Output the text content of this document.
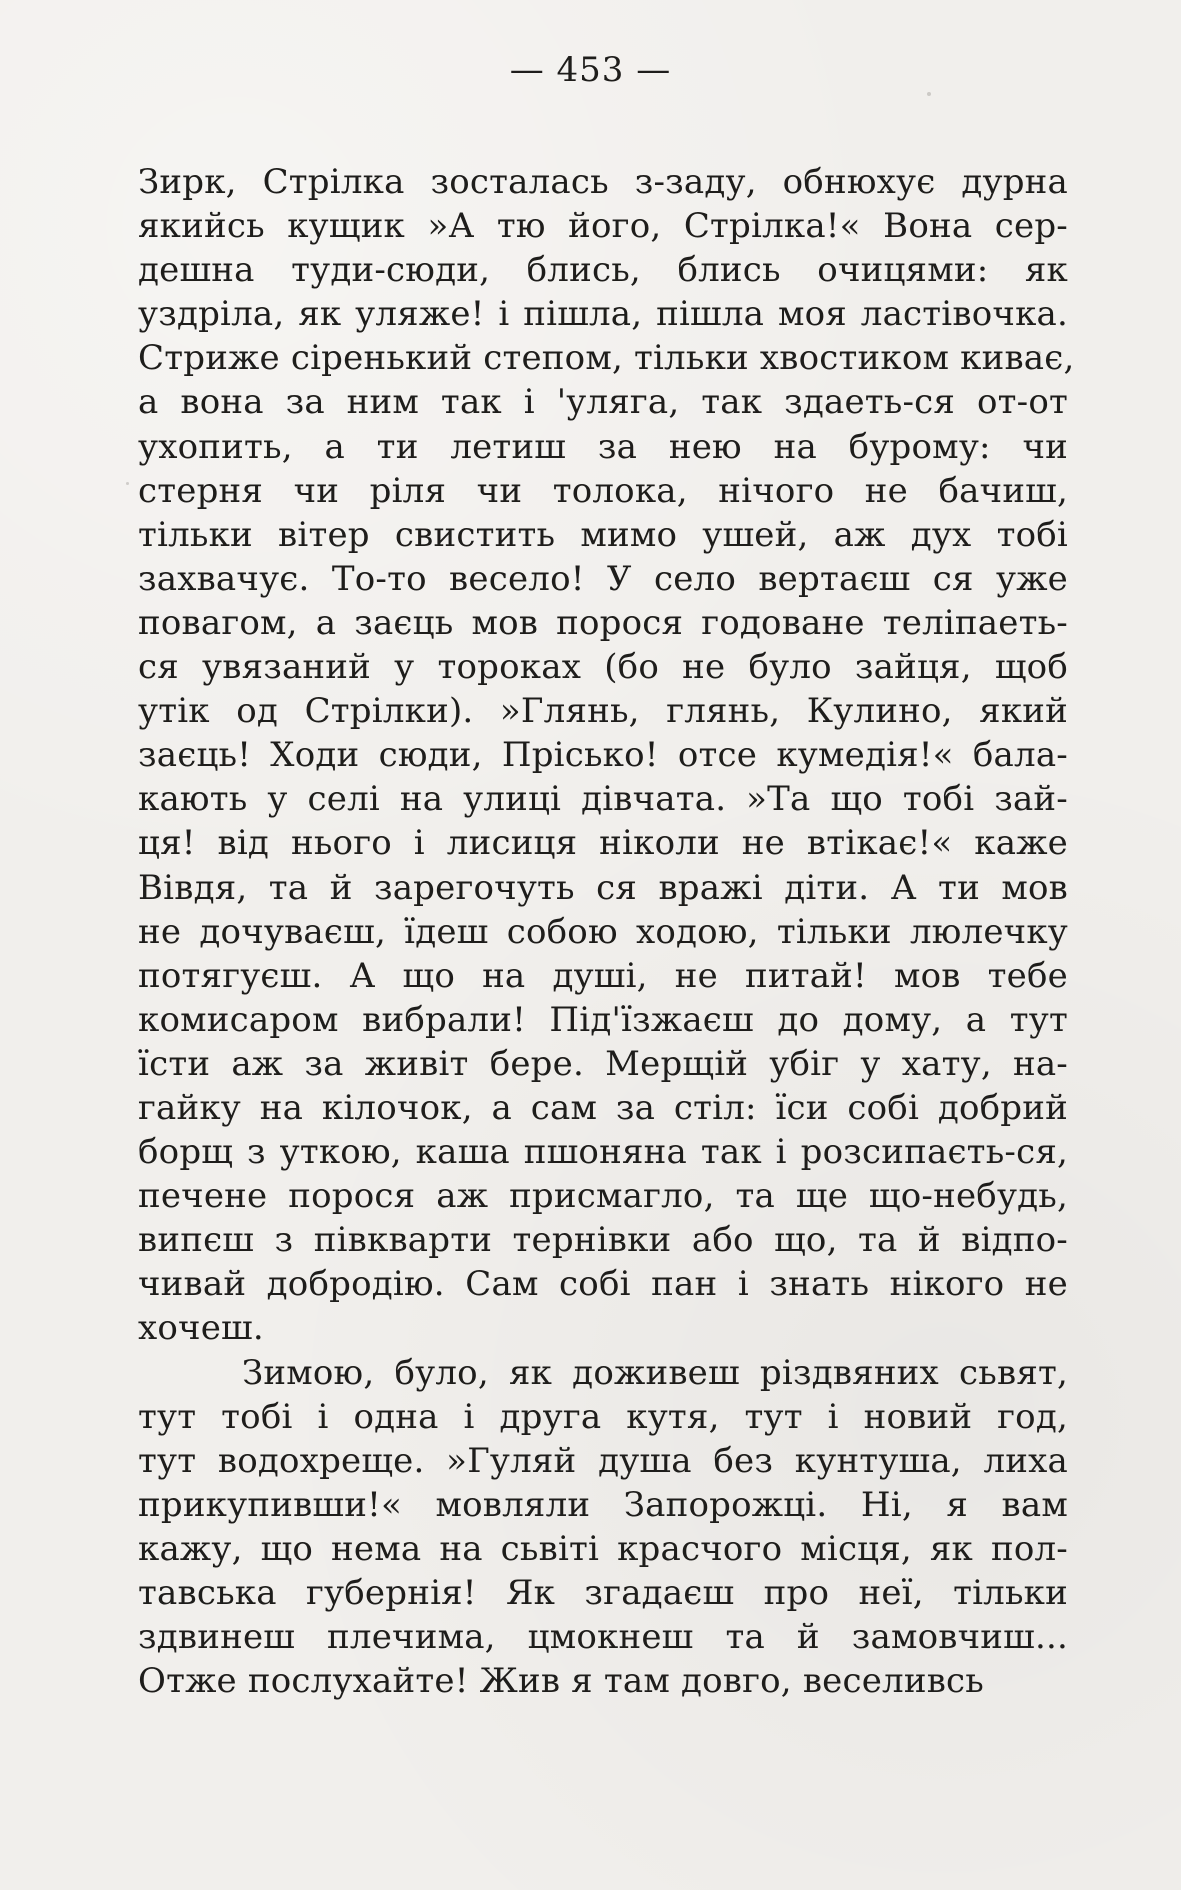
— 453 —
Зирк, Стрілка зосталась з-заду, обнюхує дурна
якийсь кущик »А тю його, Стрілка!« Вона сер-
дешна туди-сюди, блись, блись очицями: як
уздріла, як уляже! і пішла, пішла моя ластівочка.
Стриже сіренький степом, тільки хвостиком киває,
а вона за ним так і 'уляга, так здаеть-ся от-от
ухопить, а ти летиш за нею на бурому: чи
стерня чи ріля чи толока, нічого не бачиш,
тільки вітер свистить мимо ушей, аж дух тобі
захвачує. То-то весело! У село вертаєш ся уже
повагом, а заєць мов порося годоване теліпаеть-
ся увязаний у тороках (бо не було зайця, щоб
утік од Стрілки). »Глянь, глянь, Кулино, який
заєць! Ходи сюди, Прісько! отсе кумедія!« бала-
кають у селі на улиці дівчата. »Та що тобі зай-
ця! від нього і лисиця ніколи не втікає!« каже
Вівдя, та й зарегочуть ся вражі діти. А ти мов
не дочуваєш, їдеш собою ходою, тільки люлечку
потягуєш. А що на душі, не питай! мов тебе
комисаром вибрали! Під'їзжаєш до дому, а тут
їсти аж за живіт бере. Мерщій убіг у хату, на-
гайку на кілочок, а сам за стіл: їси собі добрий
борщ з уткою, каша пшоняна так і розсипаєть-ся,
печене порося аж присмагло, та ще що-небудь,
випєш з півкварти тернівки або що, та й відпо-
чивай добродію. Сам собі пан і знать нікого не
хочеш.
Зимою, було, як доживеш різдвяних сьвят,
тут тобі і одна і друга кутя, тут і новий год,
тут водохреще. »Гуляй душа без кунтуша, лиха
прикупивши!« мовляли Запорожці. Ні, я вам
кажу, що нема на сьвіті красчого місця, як пол-
тавська губернія! Як згадаєш про неї, тільки
здвинеш плечима, цмокнеш та й замовчиш...
Отже послухайте! Жив я там довго, веселивсь
